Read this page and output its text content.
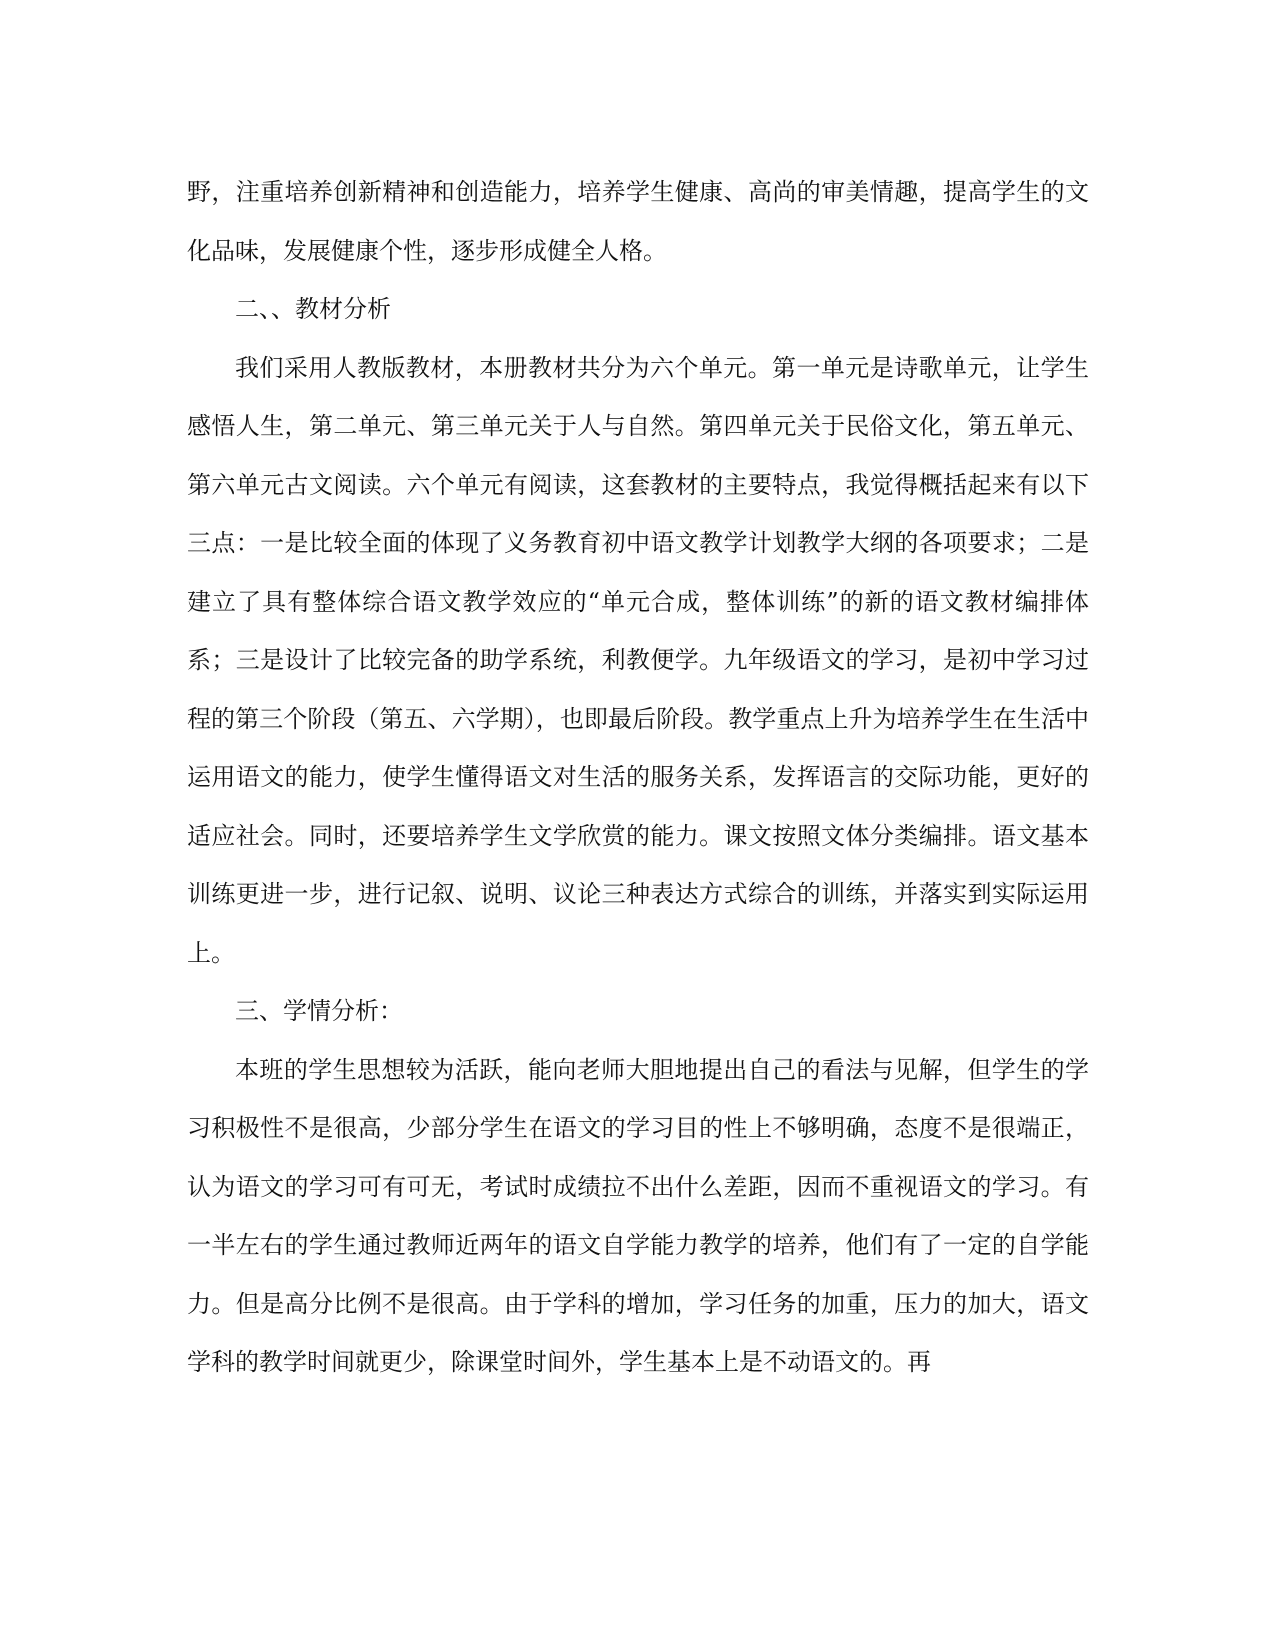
野，注重培养创新精神和创造能力，培养学生健康、高尚的审美情趣，提高学生的文化品味，发展健康个性，逐步形成健全人格。

二、、教材分析

我们采用人教版教材，本册教材共分为六个单元。第一单元是诗歌单元，让学生感悟人生，第二单元、第三单元关于人与自然。第四单元关于民俗文化，第五单元、第六单元古文阅读。六个单元有阅读，这套教材的主要特点，我觉得概括起来有以下三点：一是比较全面的体现了义务教育初中语文教学计划教学大纲的各项要求；二是建立了具有整体综合语文教学效应的“单元合成，整体训练”的新的语文教材编排体系；三是设计了比较完备的助学系统，利教便学。九年级语文的学习，是初中学习过程的第三个阶段（第五、六学期），也即最后阶段。教学重点上升为培养学生在生活中运用语文的能力，使学生懂得语文对生活的服务关系，发挥语言的交际功能，更好的适应社会。同时，还要培养学生文学欣赏的能力。课文按照文体分类编排。语文基本训练更进一步，进行记叙、说明、议论三种表达方式综合的训练，并落实到实际运用上。

三、学情分析：

本班的学生思想较为活跃，能向老师大胆地提出自己的看法与见解，但学生的学习积极性不是很高，少部分学生在语文的学习目的性上不够明确，态度不是很端正，认为语文的学习可有可无，考试时成绩拉不出什么差距，因而不重视语文的学习。有一半左右的学生通过教师近两年的语文自学能力教学的培养，他们有了一定的自学能力。但是高分比例不是很高。由于学科的增加，学习任务的加重，压力的加大，语文学科的教学时间就更少，除课堂时间外，学生基本上是不动语文的。再
